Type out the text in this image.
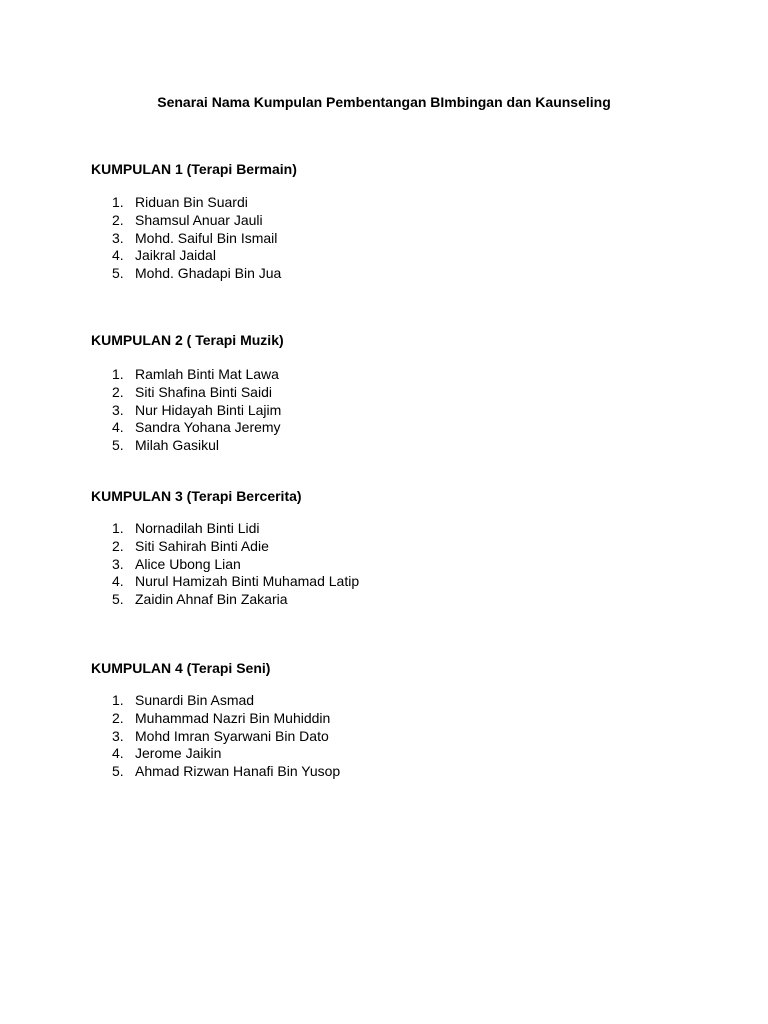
Senarai Nama Kumpulan Pembentangan BImbingan dan Kaunseling
KUMPULAN 1 (Terapi Bermain)
1. Riduan Bin Suardi
2. Shamsul Anuar Jauli
3. Mohd. Saiful Bin Ismail
4. Jaikral Jaidal
5. Mohd. Ghadapi Bin Jua
KUMPULAN 2 ( Terapi Muzik)
1. Ramlah Binti Mat Lawa
2. Siti Shafina Binti Saidi
3. Nur Hidayah Binti Lajim
4. Sandra Yohana Jeremy
5. Milah Gasikul
KUMPULAN 3 (Terapi Bercerita)
1. Nornadilah Binti Lidi
2. Siti Sahirah Binti Adie
3. Alice Ubong Lian
4. Nurul Hamizah Binti Muhamad Latip
5. Zaidin Ahnaf Bin Zakaria
KUMPULAN 4 (Terapi Seni)
1. Sunardi Bin Asmad
2. Muhammad Nazri Bin Muhiddin
3. Mohd Imran Syarwani Bin Dato
4. Jerome Jaikin
5. Ahmad Rizwan Hanafi Bin Yusop
